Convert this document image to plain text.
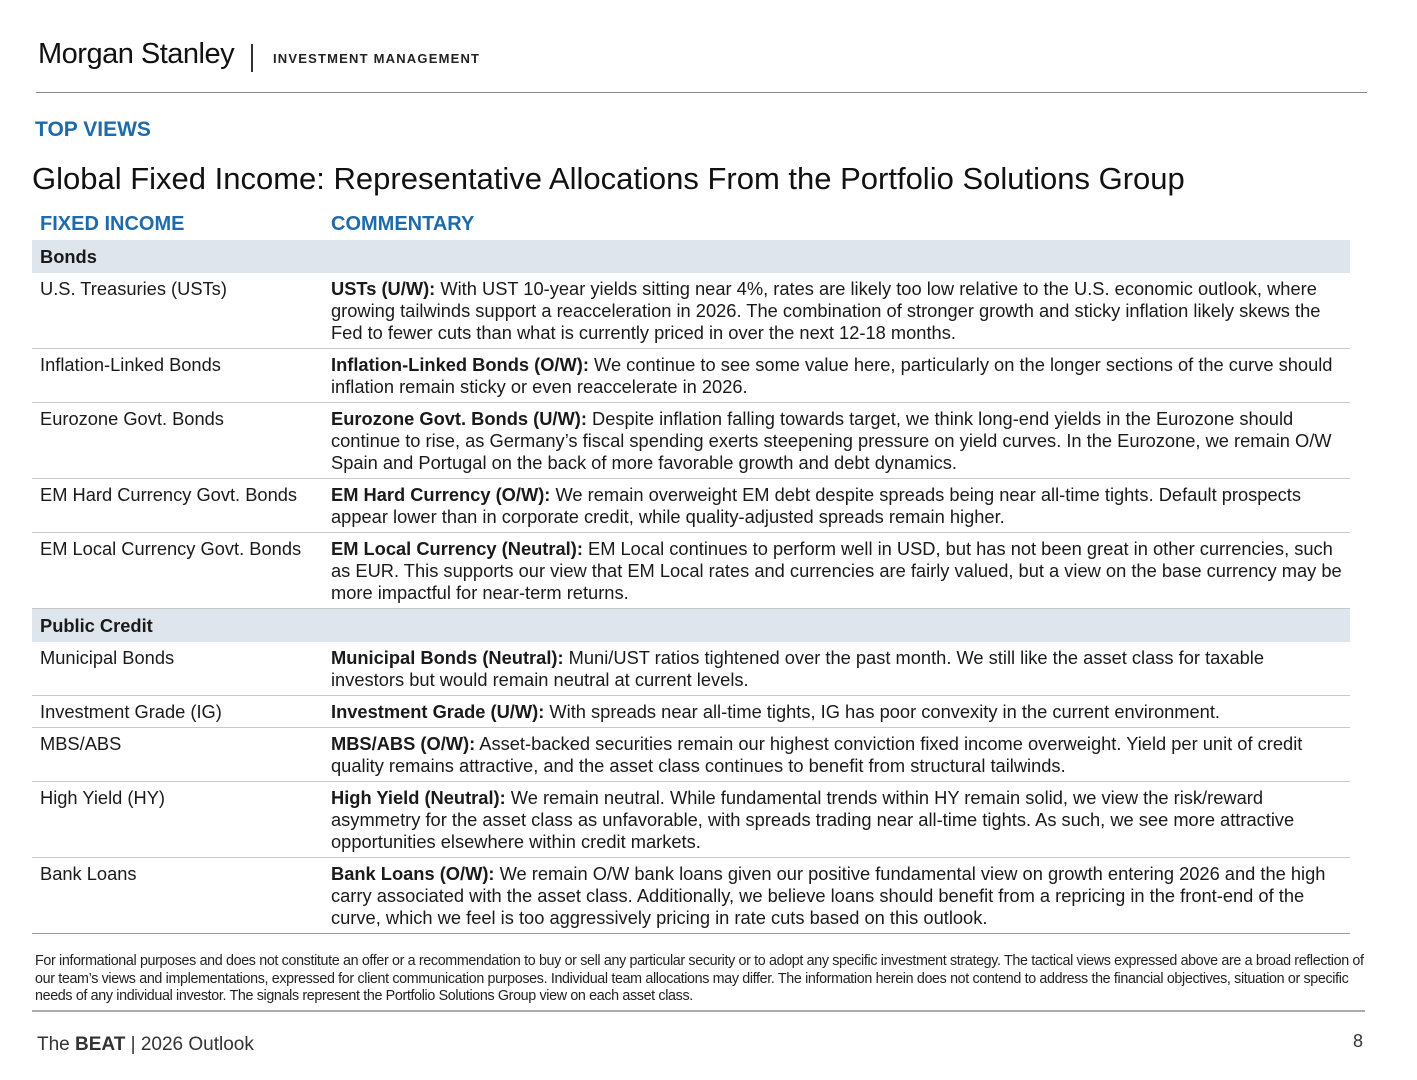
Morgan Stanley	INVESTMENT MANAGEMENT
TOP VIEWS
Global Fixed Income: Representative Allocations From the Portfolio Solutions Group
FIXED INCOME	COMMENTARY
Bonds	
U.S. Treasuries (USTs)	USTs (U/W): With UST 10-year yields sitting near 4%, rates are likely too low relative to the U.S. economic outlook, where growing tailwinds support a reacceleration in 2026. The combination of stronger growth and sticky inflation likely skews the Fed to fewer cuts than what is currently priced in over the next 12-18 months.
Inflation-Linked Bonds	Inflation-Linked Bonds (O/W): We continue to see some value here, particularly on the longer sections of the curve should inflation remain sticky or even reaccelerate in 2026.
Eurozone Govt. Bonds	Eurozone Govt. Bonds (U/W): Despite inflation falling towards target, we think long-end yields in the Eurozone should continue to rise, as Germany’s fiscal spending exerts steepening pressure on yield curves. In the Eurozone, we remain O/W Spain and Portugal on the back of more favorable growth and debt dynamics.
EM Hard Currency Govt. Bonds	EM Hard Currency (O/W): We remain overweight EM debt despite spreads being near all-time tights. Default prospects appear lower than in corporate credit, while quality-adjusted spreads remain higher.
EM Local Currency Govt. Bonds	EM Local Currency (Neutral): EM Local continues to perform well in USD, but has not been great in other currencies, such as EUR. This supports our view that EM Local rates and currencies are fairly valued, but a view on the base currency may be more impactful for near-term returns.
Public Credit	
Municipal Bonds	Municipal Bonds (Neutral): Muni/UST ratios tightened over the past month. We still like the asset class for taxable investors but would remain neutral at current levels.
Investment Grade (IG)	Investment Grade (U/W): With spreads near all-time tights, IG has poor convexity in the current environment.
MBS/ABS	MBS/ABS (O/W): Asset-backed securities remain our highest conviction fixed income overweight. Yield per unit of credit quality remains attractive, and the asset class continues to benefit from structural tailwinds.
High Yield (HY)	High Yield (Neutral): We remain neutral. While fundamental trends within HY remain solid, we view the risk/reward asymmetry for the asset class as unfavorable, with spreads trading near all-time tights. As such, we see more attractive opportunities elsewhere within credit markets.
Bank Loans	Bank Loans (O/W): We remain O/W bank loans given our positive fundamental view on growth entering 2026 and the high carry associated with the asset class. Additionally, we believe loans should benefit from a repricing in the front-end of the curve, which we feel is too aggressively pricing in rate cuts based on this outlook.
For informational purposes and does not constitute an offer or a recommendation to buy or sell any particular security or to adopt any specific investment strategy. The tactical views expressed above are a broad reflection of our team’s views and implementations, expressed for client communication purposes. Individual team allocations may differ. The information herein does not contend to address the financial objectives, situation or specific needs of any individual investor. The signals represent the Portfolio Solutions Group view on each asset class.
The BEAT | 2026 Outlook	8
